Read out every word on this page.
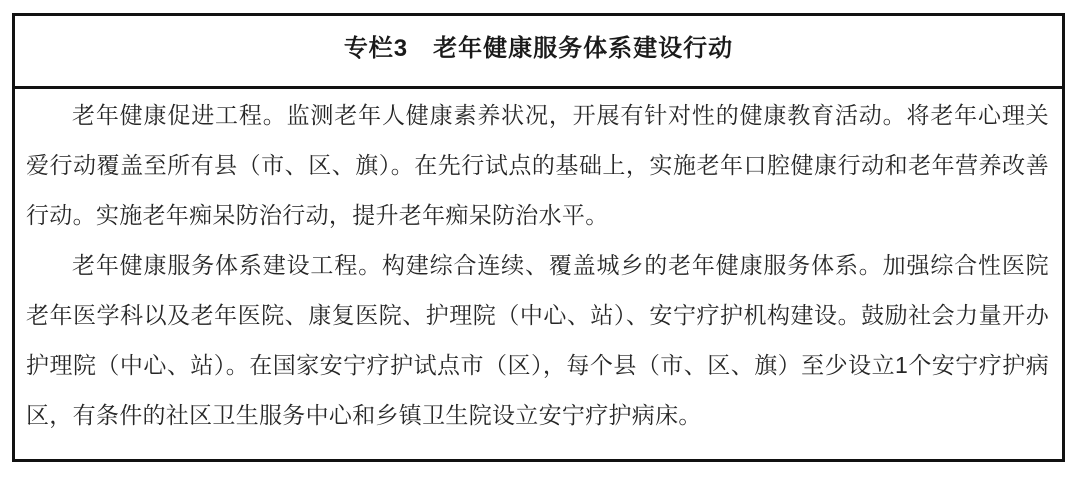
专栏3　老年健康服务体系建设行动

老年健康促进工程。监测老年人健康素养状况，开展有针对性的健康教育活动。将老年心理关爱行动覆盖至所有县（市、区、旗）。在先行试点的基础上，实施老年口腔健康行动和老年营养改善行动。实施老年痴呆防治行动，提升老年痴呆防治水平。

老年健康服务体系建设工程。构建综合连续、覆盖城乡的老年健康服务体系。加强综合性医院老年医学科以及老年医院、康复医院、护理院（中心、站）、安宁疗护机构建设。鼓励社会力量开办护理院（中心、站）。在国家安宁疗护试点市（区），每个县（市、区、旗）至少设立1个安宁疗护病区，有条件的社区卫生服务中心和乡镇卫生院设立安宁疗护病床。
